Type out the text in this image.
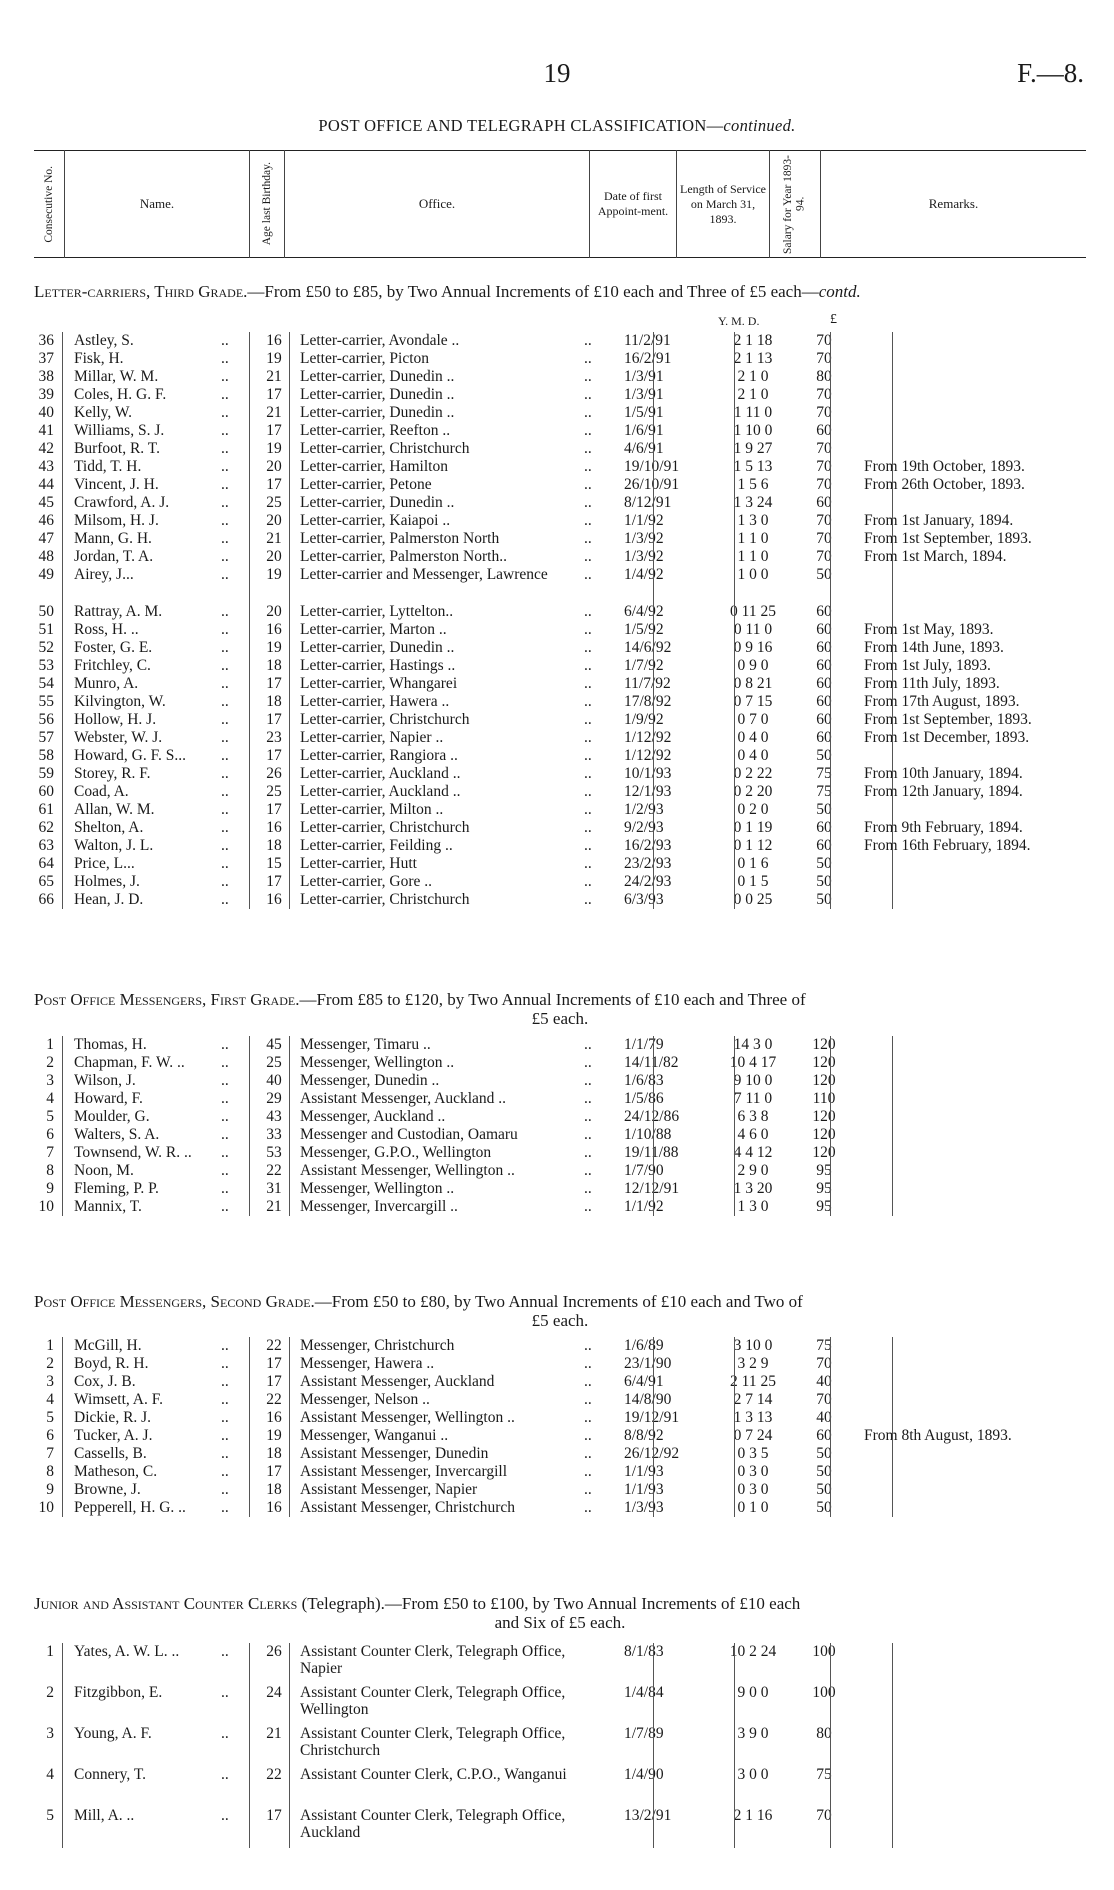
19	F.—8.
POST OFFICE AND TELEGRAPH CLASSIFICATION—continued.
Consecutive No.	Name.	Age last Birthday.	Office.	Date of first Appoint-ment.	Length of Service on March 31, 1893.	Salary for Year 1893-94.	Remarks.
Letter-carriers, Third Grade.—From £50 to £85, by Two Annual Increments of £10 each and Three of £5 each—contd.
Y. M. D.	£
36 Astley, S.	..	16	Letter-carrier, Avondale ..	.. 11/2/91	2 1 18	70
37 Fisk, H.	..	19	Letter-carrier, Picton	.. 16/2/91	2 1 13	70
38 Millar, W. M.	..	21	Letter-carrier, Dunedin ..	.. 1/3/91	2 1 0	80
39 Coles, H. G. F.	..	17	Letter-carrier, Dunedin ..	.. 1/3/91	2 1 0	70
40 Kelly, W.	..	21	Letter-carrier, Dunedin ..	.. 1/5/91	1 11 0	70
41 Williams, S. J.	..	17	Letter-carrier, Reefton ..	.. 1/6/91	1 10 0	60
42 Burfoot, R. T.	..	19	Letter-carrier, Christchurch	.. 4/6/91	1 9 27	70
43 Tidd, T. H.	..	20	Letter-carrier, Hamilton	.. 19/10/91	1 5 13	70	From 19th October, 1893.
44 Vincent, J. H.	..	17	Letter-carrier, Petone	.. 26/10/91	1 5 6	70	From 26th October, 1893.
45 Crawford, A. J.	..	25	Letter-carrier, Dunedin ..	.. 8/12/91	1 3 24	60
46 Milsom, H. J.	..	20	Letter-carrier, Kaiapoi ..	.. 1/1/92	1 3 0	70	From 1st January, 1894.
47 Mann, G. H.	..	21	Letter-carrier, Palmerston North	.. 1/3/92	1 1 0	70	From 1st September, 1893.
48 Jordan, T. A.	..	20	Letter-carrier, Palmerston North..	.. 1/3/92	1 1 0	70	From 1st March, 1894.
49 Airey, J...	..	19	Letter-carrier and Messenger, Lawrence	.. 1/4/92	1 0 0	50
50 Rattray, A. M.	..	20	Letter-carrier, Lyttelton..	.. 6/4/92	0 11 25	60
51 Ross, H. ..	..	16	Letter-carrier, Marton ..	.. 1/5/92	0 11 0	60	From 1st May, 1893.
52 Foster, G. E.	..	19	Letter-carrier, Dunedin ..	.. 14/6/92	0 9 16	60	From 14th June, 1893.
53 Fritchley, C.	..	18	Letter-carrier, Hastings ..	.. 1/7/92	0 9 0	60	From 1st July, 1893.
54 Munro, A.	..	17	Letter-carrier, Whangarei	.. 11/7/92	0 8 21	60	From 11th July, 1893.
55 Kilvington, W.	..	18	Letter-carrier, Hawera ..	.. 17/8/92	0 7 15	60	From 17th August, 1893.
56 Hollow, H. J.	..	17	Letter-carrier, Christchurch	.. 1/9/92	0 7 0	60	From 1st September, 1893.
57 Webster, W. J.	..	23	Letter-carrier, Napier ..	.. 1/12/92	0 4 0	60	From 1st December, 1893.
58 Howard, G. F. S... ..	17	Letter-carrier, Rangiora ..	.. 1/12/92	0 4 0	50
59 Storey, R. F.	..	26	Letter-carrier, Auckland ..	.. 10/1/93	0 2 22	75	From 10th January, 1894.
60 Coad, A.	..	25	Letter-carrier, Auckland ..	.. 12/1/93	0 2 20	75	From 12th January, 1894.
61 Allan, W. M.	..	17	Letter-carrier, Milton ..	.. 1/2/93	0 2 0	50
62 Shelton, A.	..	16	Letter-carrier, Christchurch	.. 9/2/93	0 1 19	60	From 9th February, 1894.
63 Walton, J. L.	..	18	Letter-carrier, Feilding ..	.. 16/2/93	0 1 12	60	From 16th February, 1894.
64 Price, L...	..	15	Letter-carrier, Hutt	.. 23/2/93	0 1 6	50
65 Holmes, J.	..	17	Letter-carrier, Gore ..	.. 24/2/93	0 1 5	50
66 Hean, J. D.	..	16	Letter-carrier, Christchurch	.. 6/3/93	0 0 25	50
Post Office Messengers, First Grade.—From £85 to £120, by Two Annual Increments of £10 each and Three of
£5 each.
1 Thomas, H.	..	45	Messenger, Timaru ..	.. 1/1/79	14 3 0	120
2 Chapman, F. W. .. ..	25	Messenger, Wellington ..	.. 14/11/82	10 4 17	120
3 Wilson, J.	..	40	Messenger, Dunedin ..	.. 1/6/83	9 10 0	120
4 Howard, F.	..	29	Assistant Messenger, Auckland ..	.. 1/5/86	7 11 0	110
5 Moulder, G.	..	43	Messenger, Auckland ..	.. 24/12/86	6 3 8	120
6 Walters, S. A.	..	33	Messenger and Custodian, Oamaru	.. 1/10/88	4 6 0	120
7 Townsend, W. R. .. ..	53	Messenger, G.P.O., Wellington	.. 19/11/88	4 4 12	120
8 Noon, M.	..	22	Assistant Messenger, Wellington ..	.. 1/7/90	2 9 0	95
9 Fleming, P. P.	..	31	Messenger, Wellington ..	.. 12/12/91	1 3 20	95
10 Mannix, T.	..	21	Messenger, Invercargill ..	.. 1/1/92	1 3 0	95
Post Office Messengers, Second Grade.—From £50 to £80, by Two Annual Increments of £10 each and Two of
£5 each.
1 McGill, H.	..	22	Messenger, Christchurch	.. 1/6/89	3 10 0	75
2 Boyd, R. H.	..	17	Messenger, Hawera ..	.. 23/1/90	3 2 9	70
3 Cox, J. B.	..	17	Assistant Messenger, Auckland	.. 6/4/91	2 11 25	40
4 Wimsett, A. F.	..	22	Messenger, Nelson ..	.. 14/8/90	2 7 14	70
5 Dickie, R. J.	..	16	Assistant Messenger, Wellington ..	.. 19/12/91	1 3 13	40
6 Tucker, A. J.	..	19	Messenger, Wanganui ..	.. 8/8/92	0 7 24	60	From 8th August, 1893.
7 Cassells, B.	..	18	Assistant Messenger, Dunedin	.. 26/12/92	0 3 5	50
8 Matheson, C.	..	17	Assistant Messenger, Invercargill	.. 1/1/93	0 3 0	50
9 Browne, J.	..	18	Assistant Messenger, Napier	.. 1/1/93	0 3 0	50
10 Pepperell, H. G. .. ..	16	Assistant Messenger, Christchurch	.. 1/3/93	0 1 0	50
Junior and Assistant Counter Clerks (Telegraph).—From £50 to £100, by Two Annual Increments of £10 each
and Six of £5 each.
1 Yates, A. W. L. ..	..	26	Assistant Counter Clerk, Telegraph Office, Napier
8/1/83	10 2 24	100
2 Fitzgibbon, E.	..	24	Assistant Counter Clerk, Telegraph Office, Wellington
1/4/84	9 0 0	100
3 Young, A. F.	..	21	Assistant Counter Clerk, Telegraph Office, Christchurch
1/7/89	3 9 0	80
4 Connery, T.	..	22	Assistant Counter Clerk, C.P.O., Wanganui	1/4/90	3 0 0	75
5 Mill, A. ..	..	17	Assistant Counter Clerk, Telegraph Office, Auckland
13/2/91	2 1 16	70
